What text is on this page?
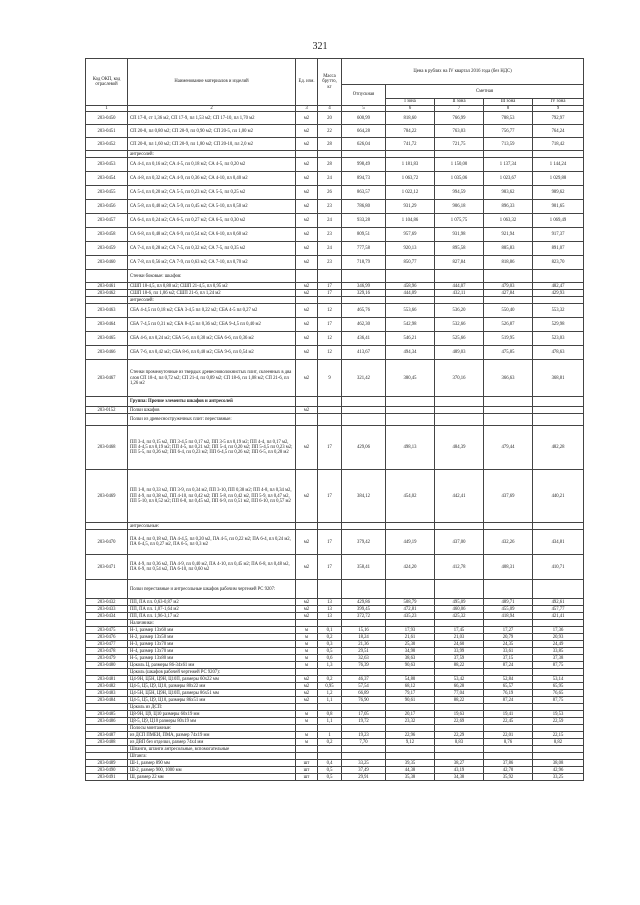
321
Код ОКП, код отраслевой	Наименование материалов и изделий	Ед. изм.	Масса
брутто,
кг	Цена в рублях на IV квартал 2016 года (без НДС)				
				Отпускная	Сметная			
					I зона	II зона	III зона	IV зона
1	2	3	4	5	6	7	8	9
203-0450	СП 17-8, ст 1,36 м2, СП 17-9, пл 1,53 м2; СП 17-10, пл 1,70 м2	м2	20	600,99	818,60	766,99	788,53	792,97
203-0451	СП 20-8, пл 0,80 м2; СП 20-9, пл 0,90 м2; СП 20-5, пл 1,00 м2	м2	22	664,28	784,22	763,03	756,77	764,24
203-0452	СП 20-8, пл 1,60 м2; СП 20-9, пл 1,80 м2; СП 20-10, пл 2,0 м2	м2	28	626,04	741,72	721,75	713,59	718,42
	антресолей:							
203-0453	СА 4-4, пл 0,16 м2; СА 4-5, пл 0,18 м2; СА 4-5, пл 0,20 м2	м2	28	998,49	1 181,83	1 150,00	1 137,34	1 144,24
203-0454	СА 4-8, пл 0,32 м2; СА 4-9, пл 0,36 м2; СА 4-10, пл 0,40 м2	м2	24	894,73	1 063,72	1 035,06	1 023,67	1 029,88
203-0455	СА 5-4, пл 0,20 м2; СА 5-5, пл 0,23 м2; СА 5-5, пл 0,25 м2	м2	26	863,57	1 022,12	994,59	983,62	989,62
203-0456	СА 5-8, пл 0,40 м2; СА 5-9, пл 0,45 м2; СА 5-10, пл 0,50 м2	м2	23	786,80	931,29	906,18	896,33	901,65
203-0457	СА 6-4, пл 0,24 м2; СА 6-5, пл 0,27 м2; СА 6-5, пл 0,30 м2	м2	24	933,28	1 104,86	1 075,75	1 063,32	1 069,49
203-0458	СА 6-8, пл 0,48 м2; СА 6-9, пл 0,54 м2; СА 6-10, пл 0,60 м2	м2	23	809,51	957,69	931,98	921,94	917,37
203-0459	СА 7-4, пл 0,28 м2; СА 7-5, пл 0,32 м2; СА 7-5, пл 0,35 м2	м2	24	777,58	920,13	895,58	885,83	891,07
203-0460	СА 7-8, пл 0,56 м2; СА 7-9, пл 0,63 м2; СА 7-10, пл 0,70 м2	м2	23	718,79	850,77	827,84	818,86	823,70
	Стенки боковые: шкафов:							
203-0461	СШП 18-4,5, пл 0,80 м2; СШП 21-4,5, пл 0,95 м2	м2	17	346,99	458,96	444,07	479,03	482,47
203-0462	СШП 18-6, пл 1,06 м2; СШП 21-6, пл 1,24 м2	м2	17	329,16	444,09	432,11	427,84	429,93
	антресолей:							
203-0463	СБА 4-4,5 пл 0,18 м2; СБА 3-4,5 пл 0,22 м2; СБА 4-5 пл 0,27 м2	м2	12	465,76	553,66	536,20	550,40	553,32
203-0464	СБА 7-4,5 пл 0,31 м2; СБА 8-4,5 пл 0,36 м2; СБА 9-4,5 пл 0,40 м2	м2	17	462,30	542,98	532,66	526,87	529,98
203-0465	СБА 4-6, пл 0,24 м2; СБА 5-6, пл 0,30 м2; СБА 6-6, пл 0,36 м2	м2	12	436,41	546,21	525,66	519,95	523,03
203-0466	СБА 7-6, пл 0,42 м2; СБА 8-6, пл 0,48 м2; СБА 9-6, пл 0,54 м2	м2	12	413,67	494,34	489,03	475,85	478,63
203-0467	Стенки промежуточные из твердых древесноволокнистых плит, склеенных в два слоя СП 18-4, пл 0,72 м2; СП 21-4, пл 0,89 м2; СП 18-6, пл 1,08 м2; СП 21-6, пл 1,26 м2	м2	9	321,42	380,45	370,16	366,63	368,81
	Группа: Прочие элементы шкафов и антресолей							
203-0152	Полки шкафов	м2						
	Полки из древесностружечных плит: переставные:							
203-0468	ПП 3-4, пл 0,15 м2, ПП 3-4,5 пл 0,17 м2, ПП 3-5 пл 0,19 м2; ПП 4-4, пл 0,17 м2, ПП 4-4,5 пл 0,19 м2; ПП 4-5, пл 0,21 м2; ПП 5-4, пл 0,20 м2; ПП 5-4,5 пл 0,23 м2; ПП 5-5, пл 0,26 м2; ПП 6-4, пл 0,23 м2; ПП 6-4,5 пл 0,26 м2; ПП 6-5, пл 0,28 м2	м2	17	429,06	498,13	484,39	479,44	482,28
203-0469	ПП 1-8, пл 0,33 м2, ПП 3-9, пл 0,34 м2, ПП 3-10, ПП 0,38 м2; ПП 4-8, пл 0,34 м2, ПП 4-9, пл 0,38 м2, ПП 4-10, пл 0,42 м2; ПП 5-8, пл 0,42 м2, ПП 5-9, пл 0,47 м2, ПП 5-10, пл 0,52 м2; ПП 6-8, пл 0,45 м2, ПП 6-9, пл 0,51 м2, ПП 6-10, пл 0,57 м2	м2	17	384,12	454,02	442,41	437,69	440,21
	антресольные:							
203-0470	ПА 4-4, пл 0,18 м2, ПА 4-4,5, пл 0,20 м2, ПА 4-5, пл 0,22 м2; ПА 6-4, пл 0,24 м2, ПА 6-4,5, пл 0,27 м2, ПА 6-5, пл 0,3 м2	м2	17	379,42	449,19	437,00	432,26	434,81
203-0471	ПА 4-9, пл 0,36 м2, ПА 4-9, пл 0,40 м2, ПА 4-10, пл 0,45 м2; ПА 6-8, пл 0,48 м2, ПА 6-9, пл 0,54 м2, ПА 6-10, пл 0,60 м2	м2	17	358,41	424,20	412,78	408,31	410,71
	Полки переставные и антресольные шкафов рабочим чертежей РС 9207:							
203-0432	ПП, ПА пл. 0,63-0,87 м2	м2	13	429,86	508,79	495,09	489,71	492,61
203-0433	ПП, ПА пл. 1,07-1,64 м2	м2	13	399,45	472,81	460,06	455,09	457,77
203-0434	ПП, ПА пл. 1,96-3,17 м2	м2	13	372,72	435,23	425,32	418,94	421,41
	Наличники:							
203-0475	Н-1, размер 13х60 мм	м	0,1	15,16	17,93	17,45	17,27	17,36
203-0476	Н-2, размер 13х50 мм	м	0,2	18,24	21,61	21,03	20,79	20,93
203-0477	Н-3, размер 13х70 мм	м	0,3	21,36	25,30	24,60	24,35	24,49
203-0478	Н-4, размер 13х70 мм	м	0,5	29,51	34,90	33,99	33,61	33,85
203-0479	Н-5, размер 13х80 мм	м	0,6	32,63	38,63	37,59	37,15	37,38
203-0480	Цоколь Ц, размеры 86-34х61 мм	м	1,3	76,39	90,63	88,22	87,24	87,75
	Цоколь (шкафов рабочей чертежей РС 9207):							
203-0481	Ц4-9Н, Ц5Н, Ц9Н, Ц10П, размеры 60х22 мм	м2	0,2	46,37	54,80	53,42	52,84	53,14
203-0482	Ц4-5, Ц5, Ц9, Ц10, размеры 80х22 мм	м2	0,95	57,54	68,12	66,28	65,57	65,95
203-0483	Ц4-5Н, Ц5Н, Ц9Н, Ц10П, размеры 86х51 мм	м2	1,2	66,89	79,17	77,04	76,19	76,65
203-0484	Ц4-5, Ц5, Ц9, Ц10, размеры 86х51 мм	м2	1,1	76,90	90,61	88,22	87,24	87,75
	Цоколь из ДСП:							
203-0485	Ц8-9Н, Ц9, Ц10 размеры 60х19 мм	м	0,8	17,05	20,17	19,63	19,41	19,53
203-0486	Ц8-5, Ц9, Ц10 размеры 80х19 мм	м	1,1	19,72	23,32	22,69	22,45	22,59
	Полосы монтажные:							
203-0487	из ДСП ПМЕИ, ПМА, размер 74х19 мм	м	1	19,23	22,96	22,29	22,01	22,15
203-0488	из ДВП без отделки, размер 74х4 мм	м	0,2	7,70	9,12	8,83	8,76	8,82
	Шпанги, штанги антресольные, вспомогательные							
	Штанга:							
203-0489	Ш-1, размер 890 мм	шт	0,4	33,25	39,35	38,27	37,86	38,08
203-0490	Ш-2, размер 900, 1000 мм	шт	0,5	37,49	44,38	43,19	42,70	42,96
203-0491	Ш, размер 22 мм	шт	0,5	29,91	35,38	34,38	35,92	33,25
